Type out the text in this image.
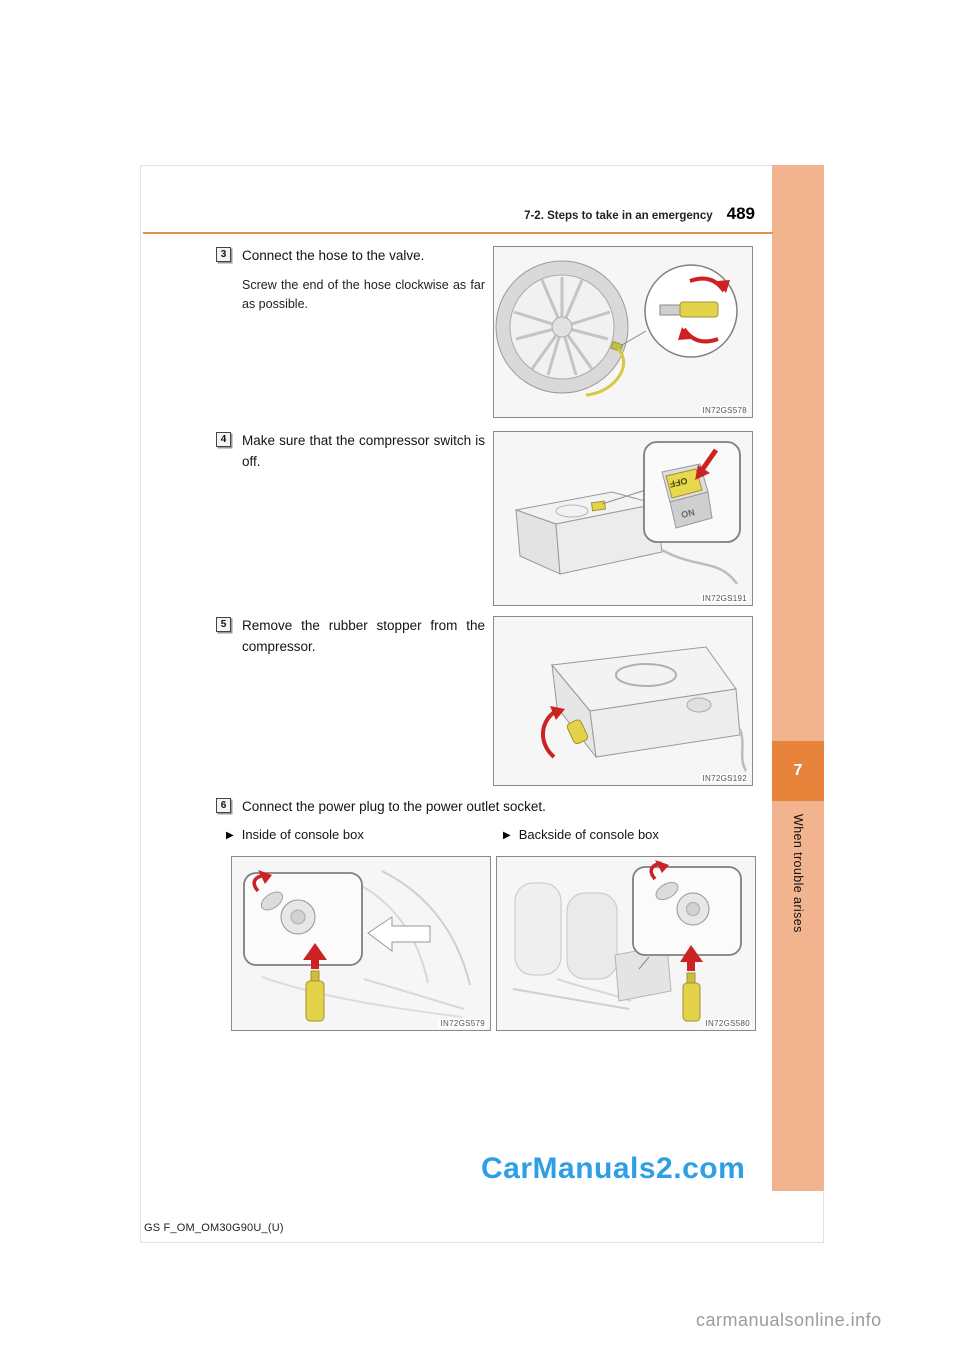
7
When trouble arises
7-2. Steps to take in an emergency 489
3	Connect the hose to the valve.
Screw the end of the hose clockwise as far as possible.
IN72GS578
4	Make sure that the compressor switch is off.
OFF
ON
IN72GS191
5	Remove the rubber stopper from the compressor.
IN72GS192
6	Connect the power plug to the power outlet socket.
▶ Inside of console box	▶ Backside of console box
IN72GS579	IN72GS580
CarManuals2.com
GS F_OM_OM30G90U_(U)
carmanualsonline.info
